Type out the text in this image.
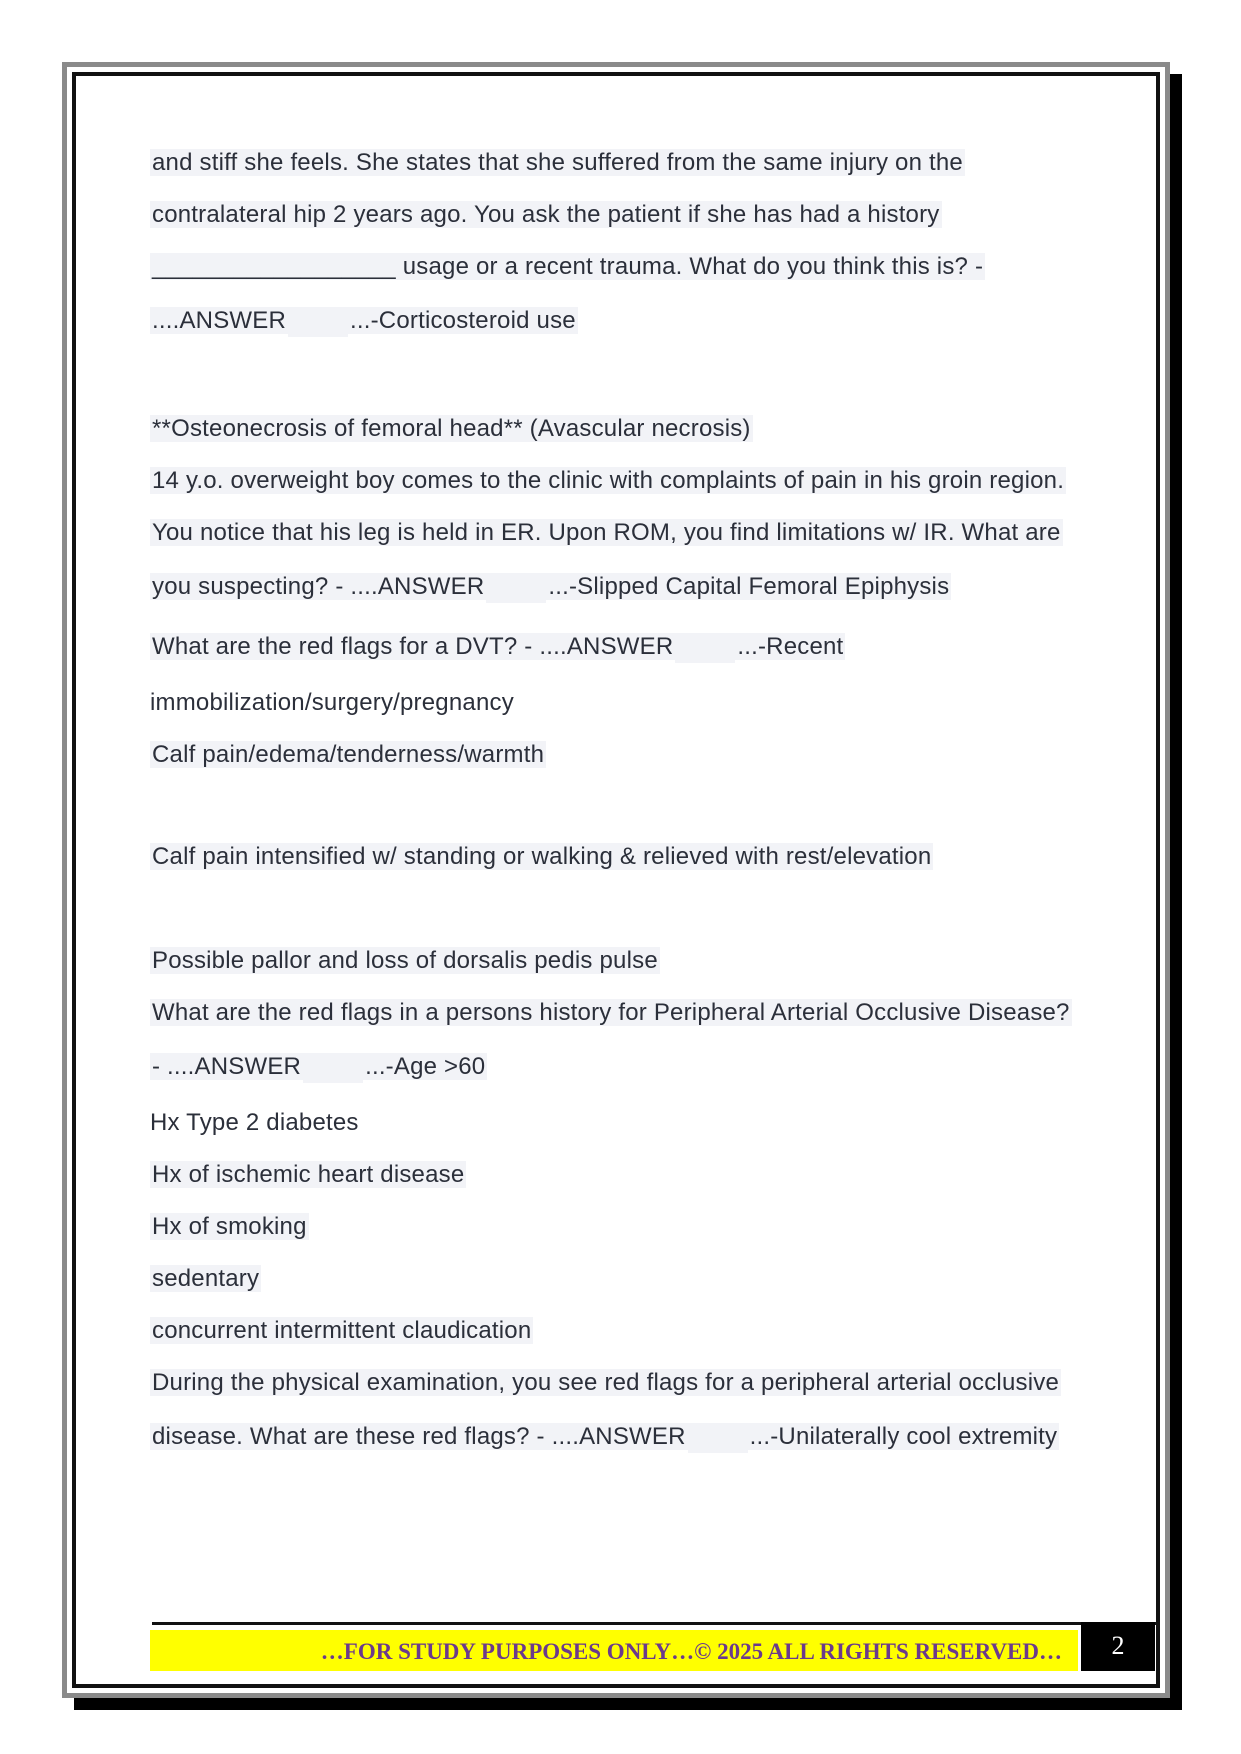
and stiff she feels. She states that she suffered from the same injury on the
contralateral hip 2 years ago. You ask the patient if she has had a history
__________________ usage or a recent trauma. What do you think this is? -
....ANSWER	...-Corticosteroid use
**Osteonecrosis of femoral head** (Avascular necrosis)
14 y.o. overweight boy comes to the clinic with complaints of pain in his groin region.
You notice that his leg is held in ER. Upon ROM, you find limitations w/ IR. What are
you suspecting? - ....ANSWER	...-Slipped Capital Femoral Epiphysis
What are the red flags for a DVT? - ....ANSWER	...-Recent
immobilization/surgery/pregnancy
Calf pain/edema/tenderness/warmth
Calf pain intensified w/ standing or walking & relieved with rest/elevation
Possible pallor and loss of dorsalis pedis pulse
What are the red flags in a persons history for Peripheral Arterial Occlusive Disease?
- ....ANSWER	...-Age >60
Hx Type 2 diabetes
Hx of ischemic heart disease
Hx of smoking
sedentary
concurrent intermittent claudication
During the physical examination, you see red flags for a peripheral arterial occlusive
disease. What are these red flags? - ....ANSWER	...-Unilaterally cool extremity
…FOR STUDY PURPOSES ONLY…© 2025 ALL RIGHTS RESERVED…	2
